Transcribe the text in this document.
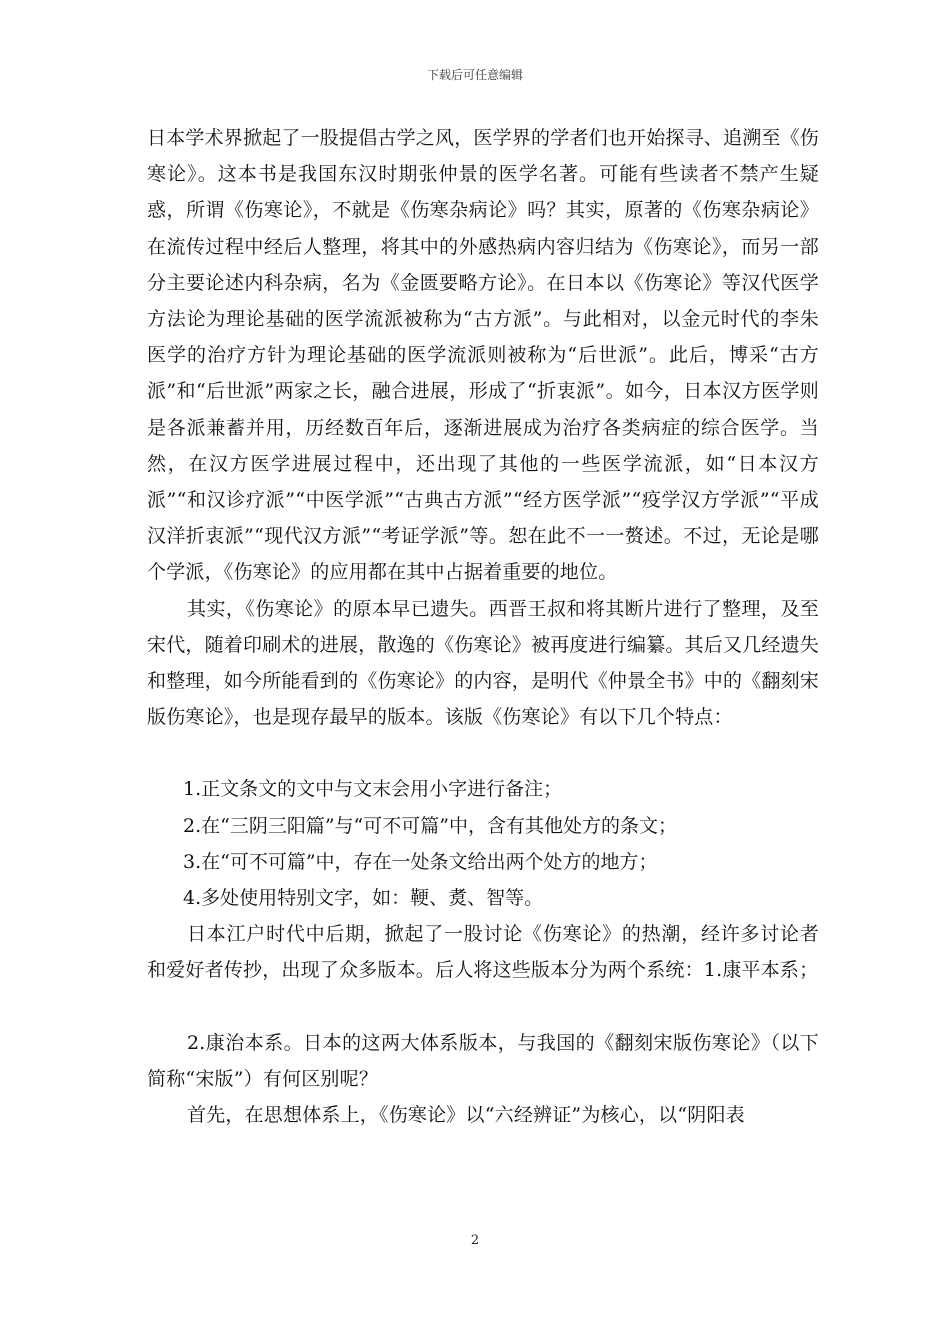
下载后可任意编辑

日本学术界掀起了一股提倡古学之风，医学界的学者们也开始探寻、追溯至《伤寒论》。这本书是我国东汉时期张仲景的医学名著。可能有些读者不禁产生疑惑，所谓《伤寒论》，不就是《伤寒杂病论》吗？其实，原著的《伤寒杂病论》在流传过程中经后人整理，将其中的外感热病内容归结为《伤寒论》，而另一部分主要论述内科杂病，名为《金匮要略方论》。在日本以《伤寒论》等汉代医学方法论为理论基础的医学流派被称为“古方派”。与此相对，以金元时代的李朱医学的治疗方针为理论基础的医学流派则被称为“后世派”。此后，博采“古方派”和“后世派”两家之长，融合进展，形成了“折衷派”。如今，日本汉方医学则是各派兼蓄并用，历经数百年后，逐渐进展成为治疗各类病症的综合医学。当然，在汉方医学进展过程中，还出现了其他的一些医学流派，如“日本汉方派”“和汉诊疗派”“中医学派”“古典古方派”“经方医学派”“疫学汉方学派”“平成汉洋折衷派”“现代汉方派”“考证学派”等。恕在此不一一赘述。不过，无论是哪个学派，《伤寒论》的应用都在其中占据着重要的地位。

其实，《伤寒论》的原本早已遗失。西晋王叔和将其断片进行了整理，及至宋代，随着印刷术的进展，散逸的《伤寒论》被再度进行编纂。其后又几经遗失和整理，如今所能看到的《伤寒论》的内容，是明代《仲景全书》中的《翻刻宋版伤寒论》，也是现存最早的版本。该版《伤寒论》有以下几个特点：

1.正文条文的文中与文末会用小字进行备注；

2.在“三阴三阳篇”与“可不可篇”中，含有其他处方的条文；

3.在“可不可篇”中，存在一处条文给出两个处方的地方；

4.多处使用特别文字，如：鞕、煑、智等。

日本江户时代中后期，掀起了一股讨论《伤寒论》的热潮，经许多讨论者和爱好者传抄，出现了众多版本。后人将这些版本分为两个系统：1.康平本系；

2.康治本系。日本的这两大体系版本，与我国的《翻刻宋版伤寒论》（以下简称“宋版”）有何区别呢？

首先，在思想体系上，《伤寒论》以“六经辨证”为核心，以“阴阳表

2
